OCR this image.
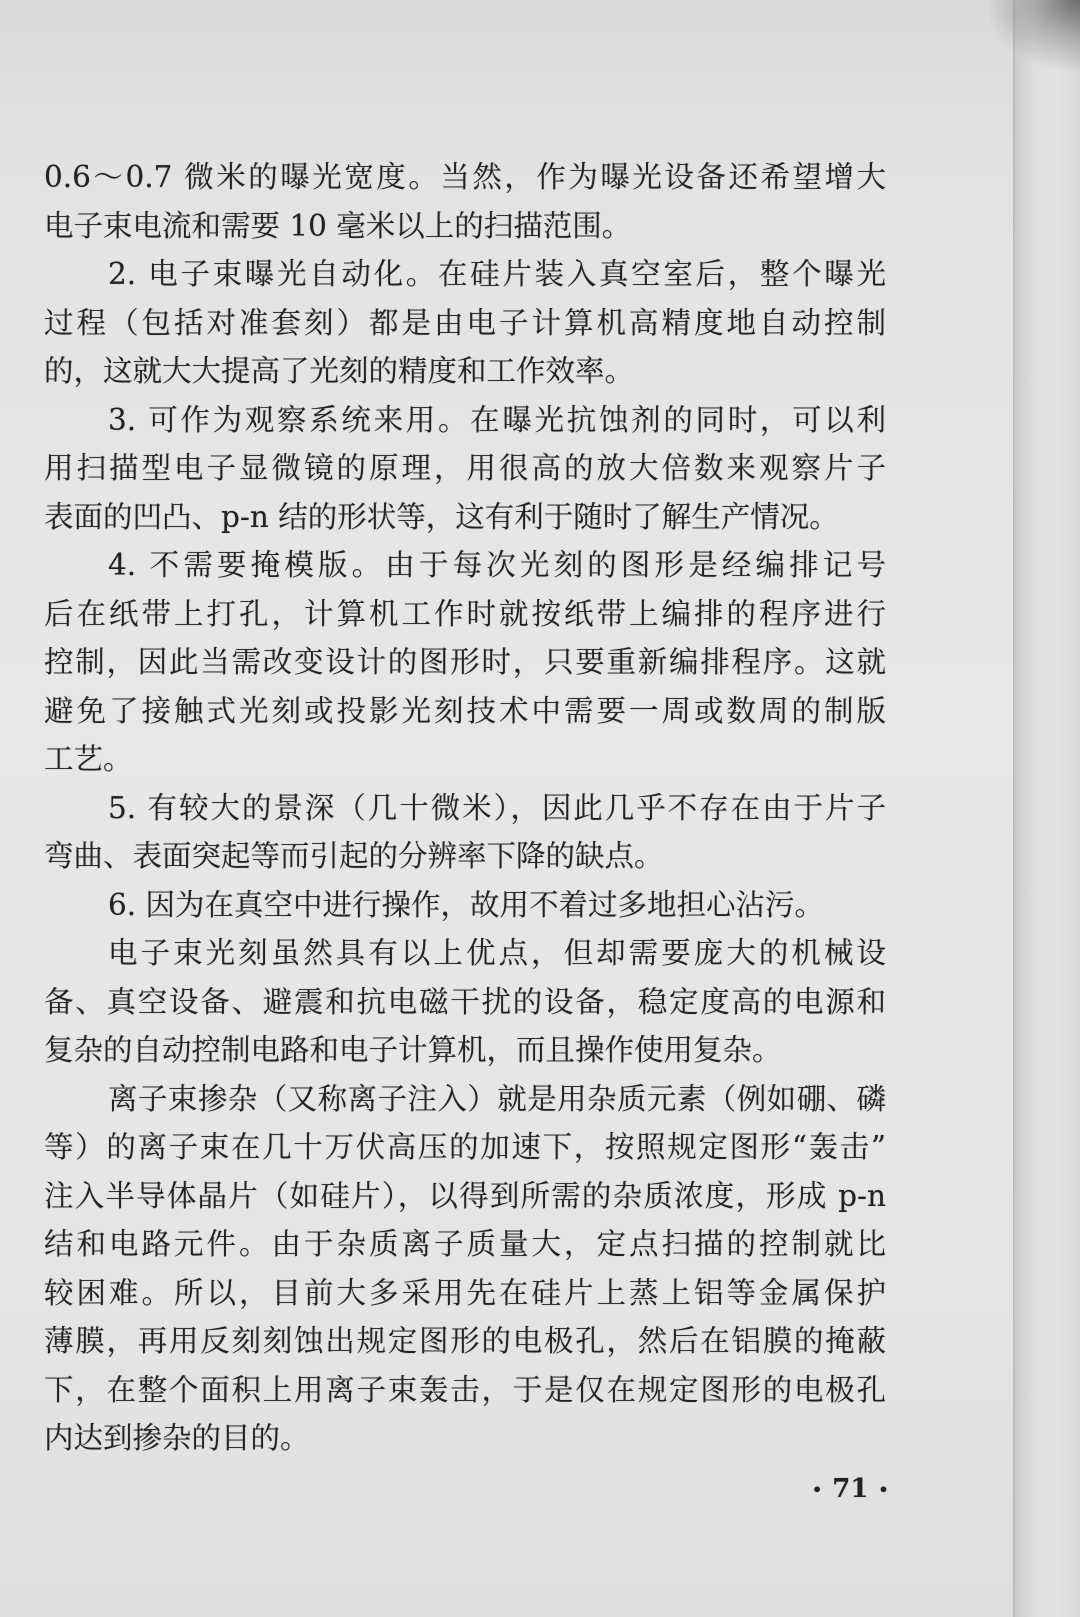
0.6～0.7 微米的曝光宽度。当然，作为曝光设备还希望增大
电子束电流和需要 10 毫米以上的扫描范围。
2. 电子束曝光自动化。在硅片装入真空室后，整个曝光
过程（包括对准套刻）都是由电子计算机高精度地自动控制
的，这就大大提高了光刻的精度和工作效率。
3. 可作为观察系统来用。在曝光抗蚀剂的同时，可以利
用扫描型电子显微镜的原理，用很高的放大倍数来观察片子
表面的凹凸、p-n 结的形状等，这有利于随时了解生产情况。
4. 不需要掩模版。由于每次光刻的图形是经编排记号
后在纸带上打孔，计算机工作时就按纸带上编排的程序进行
控制，因此当需改变设计的图形时，只要重新编排程序。这就
避免了接触式光刻或投影光刻技术中需要一周或数周的制版
工艺。
5. 有较大的景深（几十微米），因此几乎不存在由于片子
弯曲、表面突起等而引起的分辨率下降的缺点。
6. 因为在真空中进行操作，故用不着过多地担心沾污。
电子束光刻虽然具有以上优点，但却需要庞大的机械设
备、真空设备、避震和抗电磁干扰的设备，稳定度高的电源和
复杂的自动控制电路和电子计算机，而且操作使用复杂。
离子束掺杂（又称离子注入）就是用杂质元素（例如硼、磷
等）的离子束在几十万伏高压的加速下，按照规定图形“轰击”
注入半导体晶片（如硅片），以得到所需的杂质浓度，形成 p-n
结和电路元件。由于杂质离子质量大，定点扫描的控制就比
较困难。所以，目前大多采用先在硅片上蒸上铝等金属保护
薄膜，再用反刻刻蚀出规定图形的电极孔，然后在铝膜的掩蔽
下，在整个面积上用离子束轰击，于是仅在规定图形的电极孔
内达到掺杂的目的。
• 71 •
